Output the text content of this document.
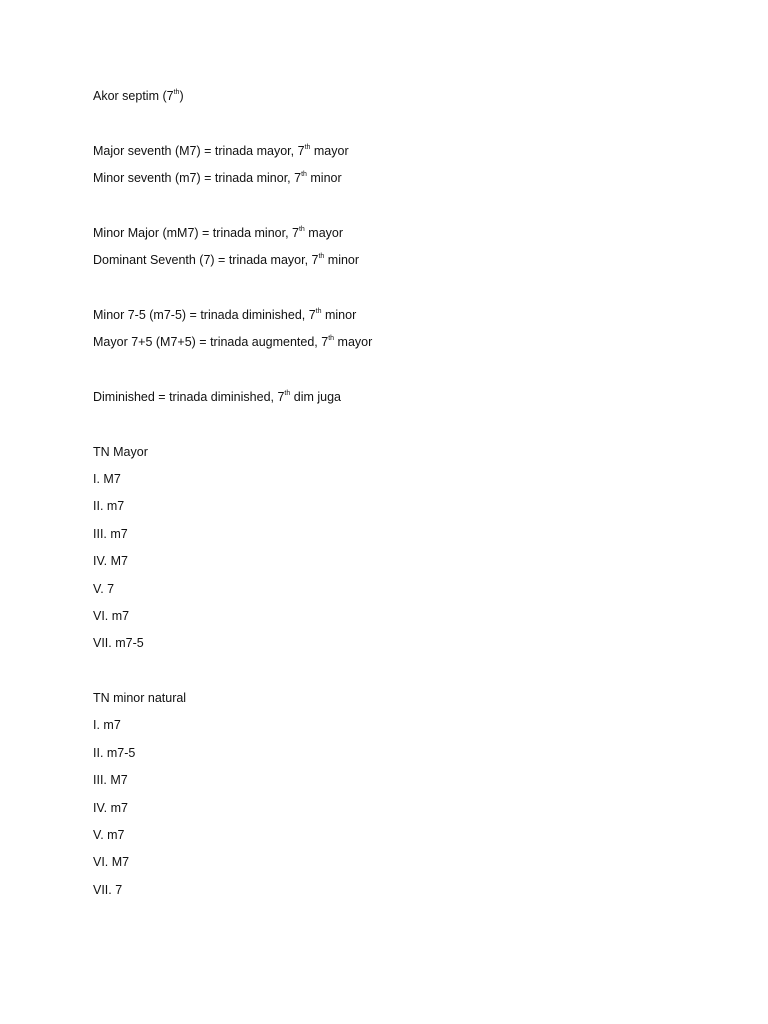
Akor septim (7th)
Major seventh (M7) = trinada mayor, 7th mayor
Minor seventh (m7) = trinada minor, 7th minor
Minor Major (mM7) = trinada minor, 7th mayor
Dominant Seventh (7) = trinada mayor, 7th minor
Minor 7-5 (m7-5) = trinada diminished, 7th minor
Mayor 7+5 (M7+5) = trinada augmented, 7th mayor
Diminished = trinada diminished, 7th dim juga
TN Mayor
I. M7
II. m7
III. m7
IV. M7
V. 7
VI. m7
VII. m7-5
TN minor natural
I. m7
II. m7-5
III. M7
IV. m7
V. m7
VI. M7
VII. 7
